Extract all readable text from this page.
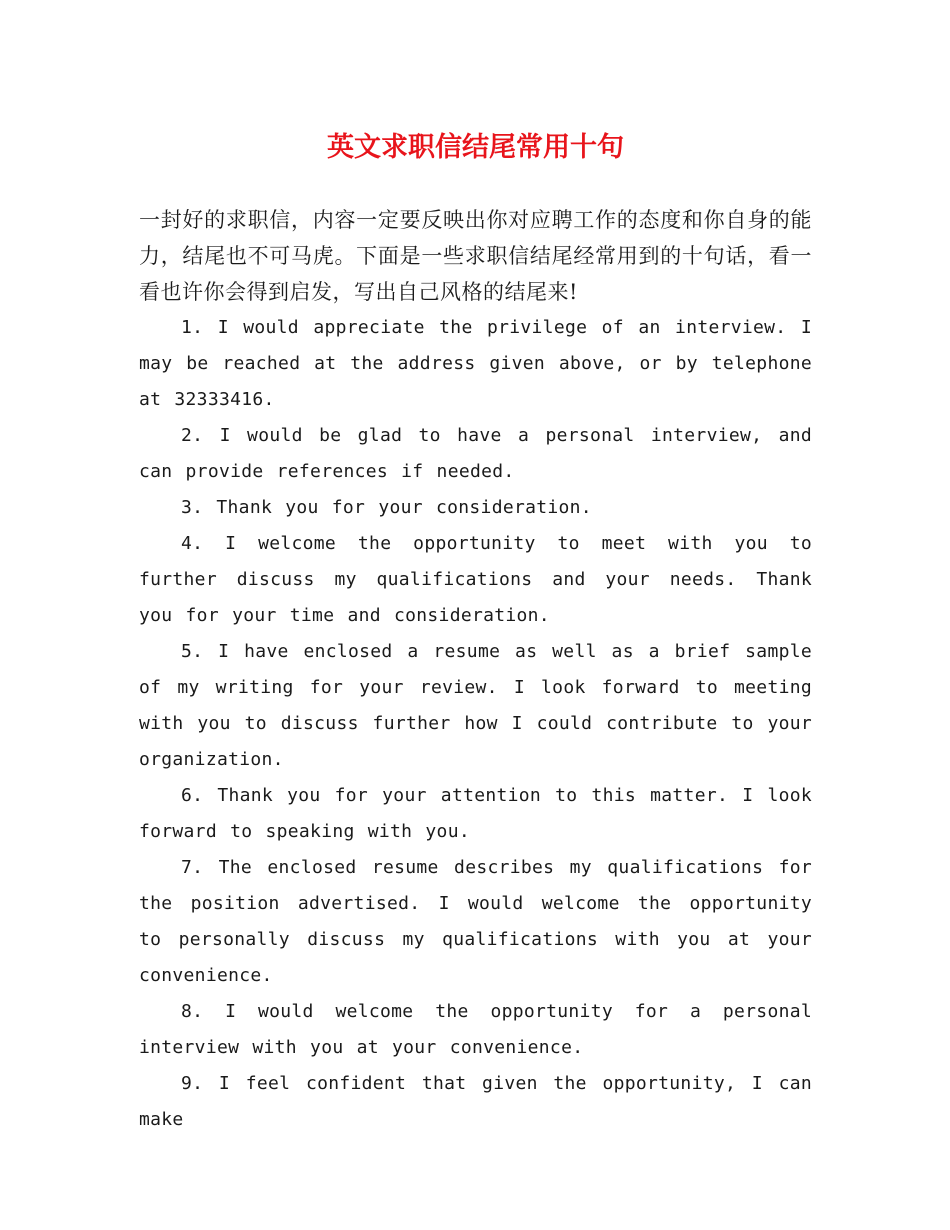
英文求职信结尾常用十句

一封好的求职信，内容一定要反映出你对应聘工作的态度和你自身的能力，结尾也不可马虎。下面是一些求职信结尾经常用到的十句话，看一看也许你会得到启发，写出自己风格的结尾来!

1. I would appreciate the privilege of an interview. I may be reached at the address given above, or by telephone at 32333416.

2. I would be glad to have a personal interview, and can provide references if needed.

3. Thank you for your consideration.

4. I welcome the opportunity to meet with you to further discuss my qualifications and your needs. Thank you for your time and consideration.

5. I have enclosed a resume as well as a brief sample of my writing for your review. I look forward to meeting with you to discuss further how I could contribute to your organization.

6. Thank you for your attention to this matter. I look forward to speaking with you.

7. The enclosed resume describes my qualifications for the position advertised. I would welcome the opportunity to personally discuss my qualifications with you at your convenience.

8. I would welcome the opportunity for a personal interview with you at your convenience.

9. I feel confident that given the opportunity, I can make
